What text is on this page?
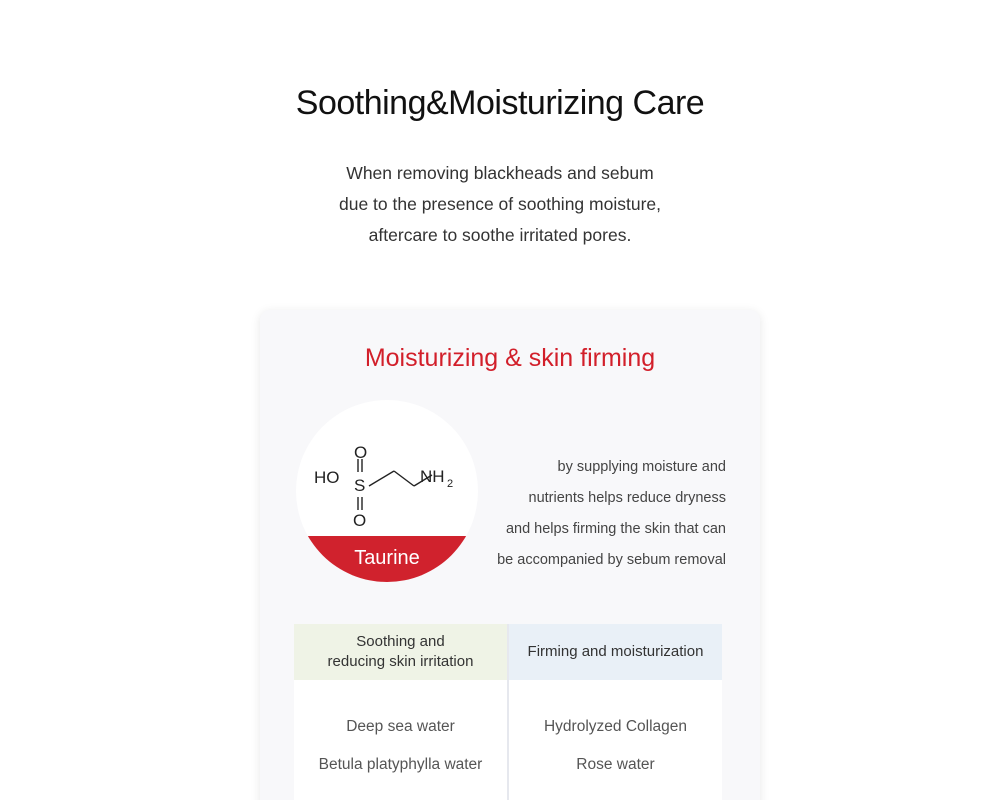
Soothing&Moisturizing Care
When removing blackheads and sebum
due to the presence of soothing moisture,
aftercare to soothe irritated pores.
Moisturizing & skin firming
HO S
O
O
NH 2
Taurine
by supplying moisture and
nutrients helps reduce dryness
and helps firming the skin that can
be accompanied by sebum removal
Soothing and
reducing skin irritation
Deep sea water
Betula platyphylla water
Firming and moisturization
Hydrolyzed Collagen
Rose water
